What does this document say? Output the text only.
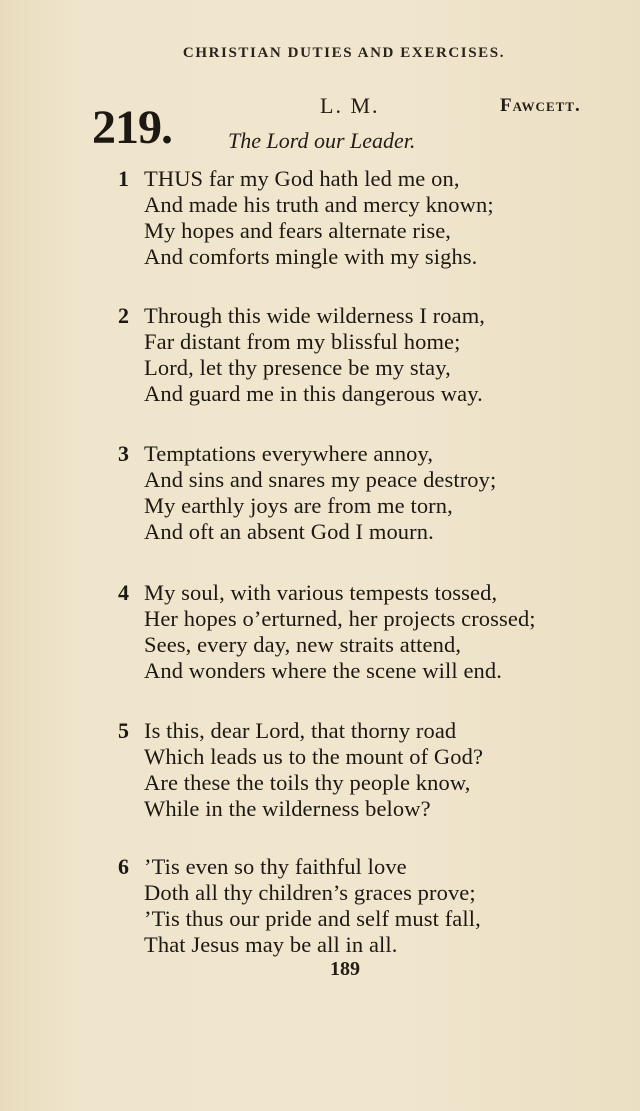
CHRISTIAN DUTIES AND EXERCISES.
219.	L. M.	Fawcett.
The Lord our Leader.
1 THUS far my God hath led me on,
And made his truth and mercy known;
My hopes and fears alternate rise,
And comforts mingle with my sighs.
2 Through this wide wilderness I roam,
Far distant from my blissful home;
Lord, let thy presence be my stay,
And guard me in this dangerous way.
3 Temptations everywhere annoy,
And sins and snares my peace destroy;
My earthly joys are from me torn,
And oft an absent God I mourn.
4 My soul, with various tempests tossed,
Her hopes o’erturned, her projects crossed;
Sees, every day, new straits attend,
And wonders where the scene will end.
5 Is this, dear Lord, that thorny road
Which leads us to the mount of God?
Are these the toils thy people know,
While in the wilderness below?
6 ’Tis even so thy faithful love
Doth all thy children’s graces prove;
’Tis thus our pride and self must fall,
That Jesus may be all in all.
189
